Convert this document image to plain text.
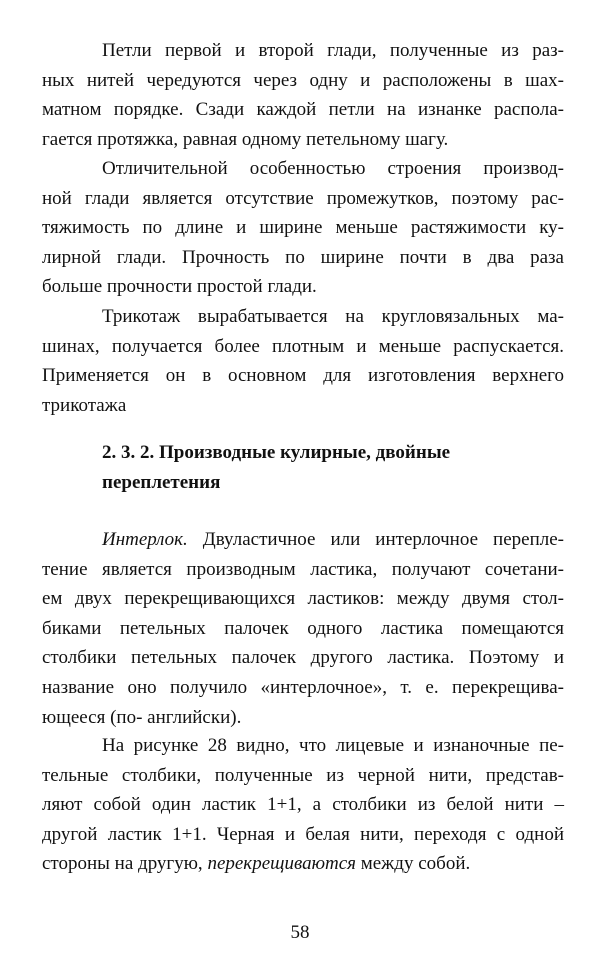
Петли первой и второй глади, полученные из раз-
ных нитей чередуются через одну и расположены в шах-
матном порядке. Сзади каждой петли на изнанке распола-
гается протяжка, равная одному петельному шагу.
Отличительной особенностью строения производ-
ной глади является отсутствие промежутков, поэтому рас-
тяжимость по длине и ширине меньше растяжимости ку-
лирной глади. Прочность по ширине почти в два раза
больше прочности простой глади.
Трикотаж вырабатывается на кругловязальных ма-
шинах, получается более плотным и меньше распускается.
Применяется он в основном для изготовления верхнего
трикотажа
2. 3. 2. Производные кулирные, двойные
переплетения
Интерлок. Двуластичное или интерлочное перепле-
тение является производным ластика, получают сочетани-
ем двух перекрещивающихся ластиков: между двумя стол-
биками петельных палочек одного ластика помещаются
столбики петельных палочек другого ластика. Поэтому и
название оно получило «интерлочное», т. е. перекрещива-
ющееся (по- английски).
На рисунке 28 видно, что лицевые и изнаночные пе-
тельные столбики, полученные из черной нити, представ-
ляют собой один ластик 1+1, а столбики из белой нити –
другой ластик 1+1. Черная и белая нити, переходя с одной
стороны на другую, перекрещиваются между собой.
58
